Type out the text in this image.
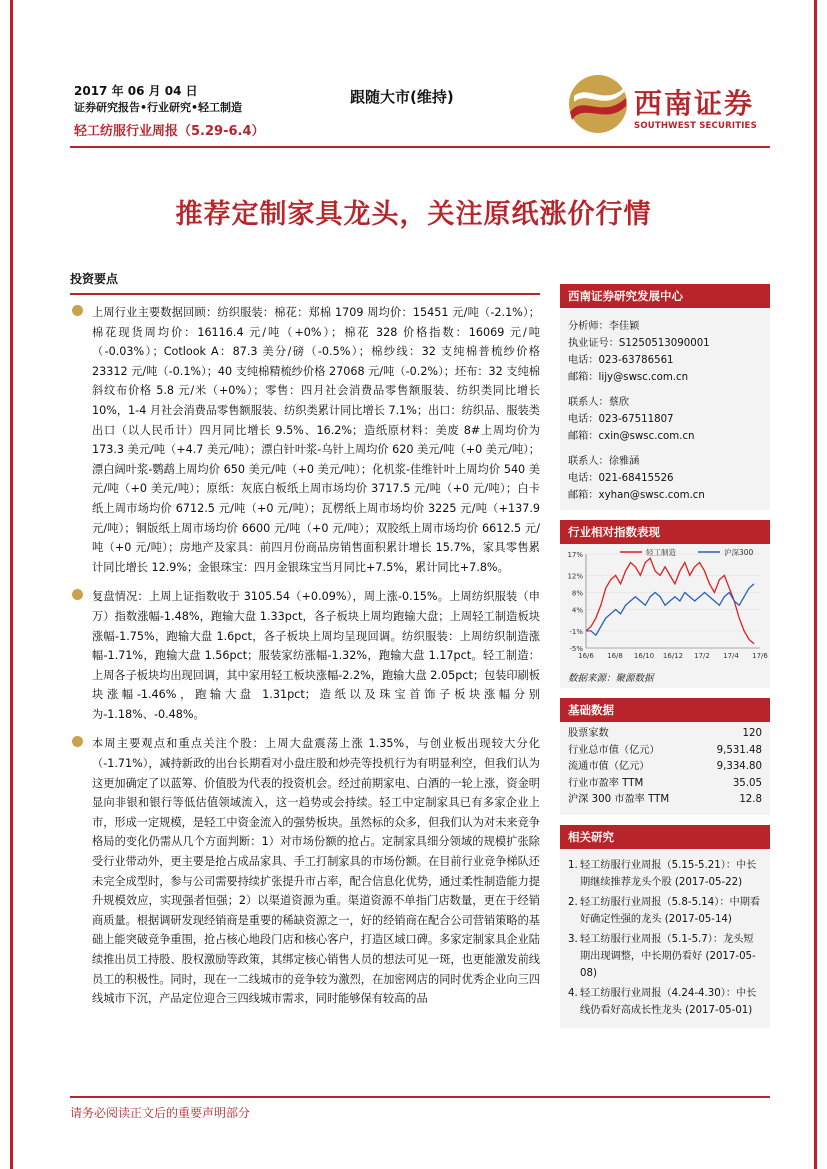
2017 年 06 月 04 日
证券研究报告•行业研究•轻工制造
轻工纺服行业周报（5.29-6.4）
跟随大市(维持)	西南证券
SOUTHWEST SECURITIES
推荐定制家具龙头，关注原纸涨价行情
投资要点
上周行业主要数据回顾：纺织服装：棉花：郑棉 1709 周均价：15451 元/吨（-2.1%）；棉花现货周均价：16116.4 元/吨（+0%）；棉花 328 价格指数：16069 元/吨（-0.03%）；Cotlook A：87.3 美分/磅（-0.5%）；棉纱线：32 支纯棉普梳纱价格 23312 元/吨（-0.1%）；40 支纯棉精梳纱价格 27068 元/吨（-0.2%）；坯布：32 支纯棉斜纹布价格 5.8 元/米（+0%）；零售：四月社会消费品零售额服装、纺织类同比增长 10%，1-4 月社会消费品零售额服装、纺织类累计同比增长 7.1%；出口：纺织品、服装类出口（以人民币计）四月同比增长 9.5%、16.2%；造纸原材料：美废 8#上周均价为 173.3 美元/吨（+4.7 美元/吨）；漂白针叶浆-乌针上周均价 620 美元/吨（+0 美元/吨）；漂白阔叶浆-鹦鹉上周均价 650 美元/吨（+0 美元/吨）；化机浆-佳维针叶上周均价 540 美元/吨（+0 美元/吨）；原纸：灰底白板纸上周市场均价 3717.5 元/吨（+0 元/吨）；白卡纸上周市场均价 6712.5 元/吨（+0 元/吨）；瓦楞纸上周市场均价 3225 元/吨（+137.9 元/吨）；铜版纸上周市场均价 6600 元/吨（+0 元/吨）；双胶纸上周市场均价 6612.5 元/吨（+0 元/吨）；房地产及家具：前四月份商品房销售面积累计增长 15.7%，家具零售累计同比增长 12.9%；金银珠宝：四月金银珠宝当月同比+7.5%，累计同比+7.8%。
复盘情况：上周上证指数收于 3105.54（+0.09%），周上涨-0.15%。上周纺织服装（申万）指数涨幅-1.48%，跑输大盘 1.33pct，各子板块上周均跑输大盘；上周轻工制造板块涨幅-1.75%，跑输大盘 1.6pct，各子板块上周均呈现回调。纺织服装：上周纺织制造涨幅-1.71%，跑输大盘 1.56pct；服装家纺涨幅-1.32%，跑输大盘 1.17pct。轻工制造：上周各子板块均出现回调，其中家用轻工板块涨幅-2.2%，跑输大盘 2.05pct；包装印刷板块涨幅-1.46%，跑输大盘 1.31pct；造纸以及珠宝首饰子板块涨幅分别为-1.18%、-0.48%。
本周主要观点和重点关注个股：上周大盘震荡上涨 1.35%，与创业板出现较大分化（-1.71%），减持新政的出台长期看对小盘庄股和炒壳等投机行为有明显利空，但我们认为这更加确定了以蓝筹、价值股为代表的投资机会。经过前期家电、白酒的一轮上涨，资金明显向非银和银行等低估值领域流入，这一趋势或会持续。轻工中定制家具已有多家企业上市，形成一定规模，是轻工中资金流入的强势板块。虽然标的众多，但我们认为对未来竞争格局的变化仍需从几个方面判断：1）对市场份额的抢占。定制家具细分领域的规模扩张除受行业带动外，更主要是抢占成品家具、手工打制家具的市场份额。在目前行业竞争梯队还未完全成型时，参与公司需要持续扩张提升市占率，配合信息化优势，通过柔性制造能力提升规模效应，实现强者恒强；2）以渠道资源为重。渠道资源不单指门店数量，更在于经销商质量。根据调研发现经销商是重要的稀缺资源之一，好的经销商在配合公司营销策略的基础上能突破竞争重围，抢占核心地段门店和核心客户，打造区域口碑。多家定制家具企业陆续推出员工持股、股权激励等政策，其绑定核心销售人员的想法可见一斑，也更能激发前线员工的积极性。同时，现在一二线城市的竞争较为激烈，在加密网店的同时优秀企业向三四线城市下沉，产品定位迎合三四线城市需求，同时能够保有较高的品
西南证券研究发展中心
分析师：李佳颖
执业证号：S1250513090001
电话：023-63786561
邮箱：lijy@swsc.com.cn
联系人：蔡欣
电话：023-67511807
邮箱：cxin@swsc.com.cn
联系人：徐雅涵
电话：021-68415526
邮箱：xyhan@swsc.com.cn
行业相对指数表现
17%
12%
8%
4%
-1%
-5%
16/6 16/8 16/10 16/12 17/2 17/4 17/6
轻工制造	沪深300
数据来源：聚源数据
基础数据
股票家数	120
行业总市值（亿元）	9,531.48
流通市值（亿元）	9,334.80
行业市盈率 TTM	35.05
沪深 300 市盈率 TTM	12.8
相关研究
1. 轻工纺服行业周报（5.15-5.21）：中长期继续推荐龙头个股 (2017-05-22)
2. 轻工纺服行业周报（5.8-5.14）：中期看好确定性强的龙头 (2017-05-14)
3. 轻工纺服行业周报（5.1-5.7）：龙头短期出现调整，中长期仍看好 (2017-05-08)
4. 轻工纺服行业周报（4.24-4.30）：中长线仍看好高成长性龙头 (2017-05-01)
请务必阅读正文后的重要声明部分
